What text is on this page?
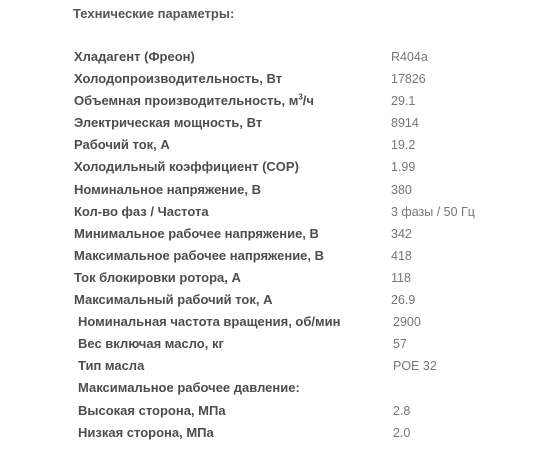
Технические параметры:
Хладагент (Фреон)	R404a
Холодопроизводительность, Вт	17826
Объемная производительность, $м^3/ч$	29.1
Электрическая мощность, Вт	8914
Рабочий ток, А	19.2
Холодильный коэффициент (COP)	1.99
Номинальное напряжение, В	380
Кол-во фаз / Частота	3 фазы / 50 Гц
Минимальное рабочее напряжение, В	342
Максимальное рабочее напряжение, В	418
Ток блокировки ротора, А	118
Максимальный рабочий ток, А	26.9
Номинальная частота вращения, об/мин	2900
Вес включая масло, кг	57
Тип масла	POE 32
Максимальное рабочее давление:
Высокая сторона, МПа	2.8
Низкая сторона, МПа	2.0
